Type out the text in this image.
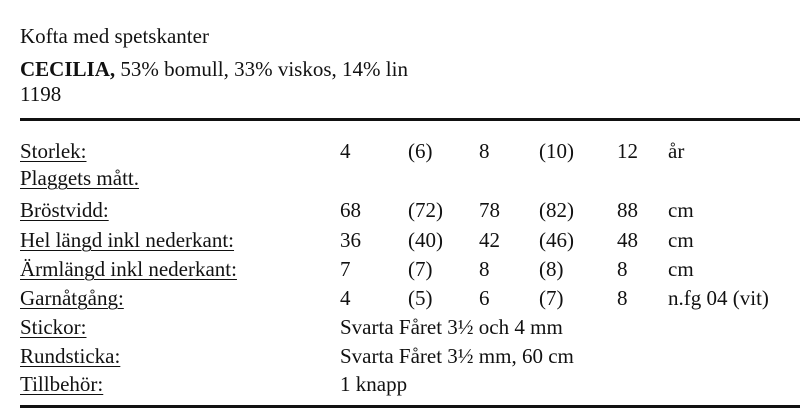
Kofta med spetskanter
CECILIA, 53% bomull, 33% viskos, 14% lin
1198
Storlek:	4	(6) 8 (10) 12 år
Plaggets mått.
Bröstvidd:	68 (72) 78 (82) 88 cm
Hel längd inkl nederkant:	36 (40) 42 (46) 48 cm
Ärmlängd inkl nederkant:	7	(7) 8 (8)	8 cm
Garnåtgång:	4	(5) 6 (7)	8 n.fg 04 (vit)
Stickor:	Svarta Fåret 3½ och 4 mm
Rundsticka:	Svarta Fåret 3½ mm, 60 cm
Tillbehör:	1 knapp
